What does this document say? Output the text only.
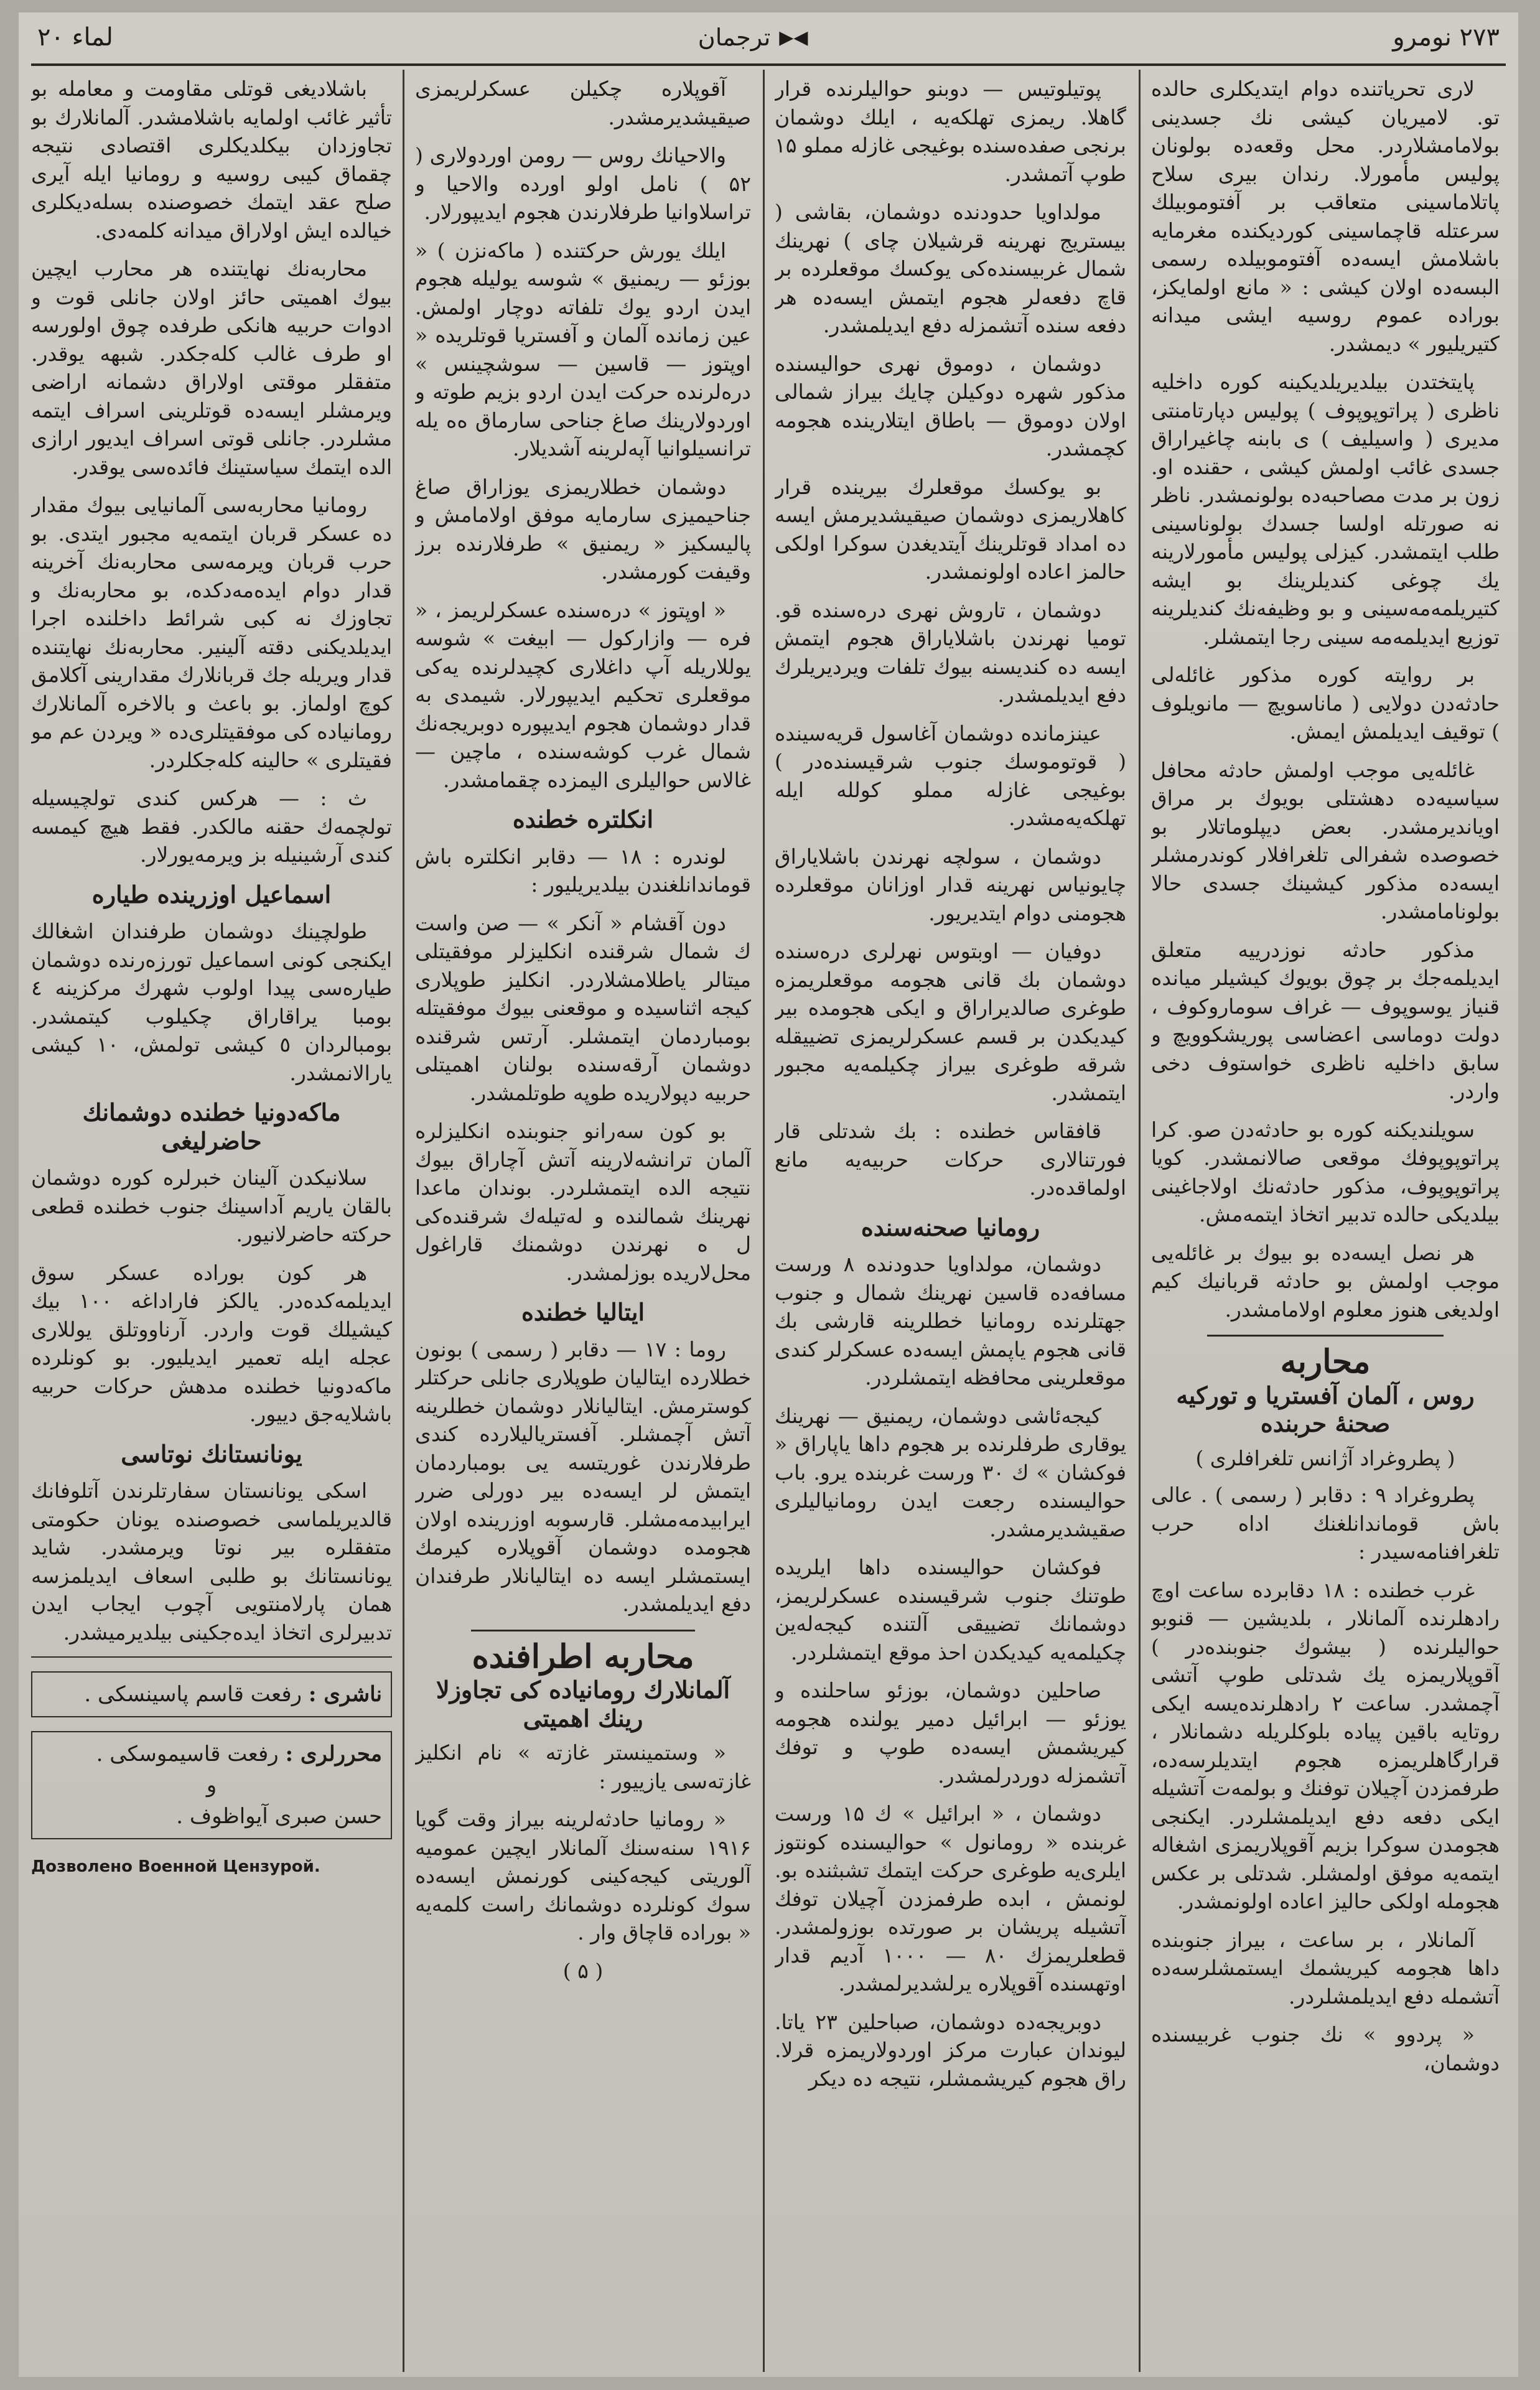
لماء ٢٠	◀▶
ترجمان	٢٧٣ نومرو

لاری تحریاتنده دوام ایتدیکلری حالده تو. لامیریان کیشی نك جسدینی بولامامشلاردر. محل وقعه‌ده بولونان پولیس مأمورلا. رندان بیری سلاح پاتلاماسینی متعاقب بر آفتوموبیلك سرعتله قاچماسینی کوردیکنده مغرمایه باشلامش ایسه‌ده آفتوموبیلده رسمی البسه‌ده اولان کیشی : « مانع اولمایکز، بوراده عموم روسیه ایشی میدانه کتیریلیور » دیمشدر.

پایتختدن بیلدیریلدیکینه کوره داخلیه ناظری ( پراتوپوپوف ) پولیس دپارتامنتی مدیری ( واسیلیف ) ی بابنه چاغیراراق جسدی غائب اولمش کیشی ، حقنده او. زون بر مدت مصاحبه‌ده بولونمشدر. ناظر نه صورتله اولسا جسدك بولوناسینی طلب ایتمشدر. کیزلی پولیس مأمورلارینه یك چوغی کندیلرینك بو ایشه کتیریلمه‌مه‌سینی و بو وظیفه‌نك کندیلرینه توزیع ایدیلمه‌مه سینی رجا ایتمشلر.

بر روایته کوره مذکور غائله‌لی حادثه‌دن دولایی ( ماناسویچ — مانویلوف ) توقیف ایدیلمش ایمش.

غائله‌یی موجب اولمش حادثه محافل سیاسیه‌ده دهشتلی بویوك بر مراق اویاندیرمشدر. بعض دیپلوماتلار بو خصوصده شفرالی تلغرافلار کوندرمشلر ایسه‌ده مذکور کیشینك جسدی حالا بولونامامشدر.

مذکور حادثه نوزدرییه متعلق ایدیلمه‌جك بر چوق بویوك کیشیلر میانده قنیاز یوسوپوف — غراف سوماروکوف ، دولت دوماسی اعضاسی پوریشکوویچ و سابق داخلیه ناظری خواستوف دخی واردر.

سویلندیکنه کوره بو حادثه‌دن صو. کرا پراتوپوپوفك موقعی صالانمشدر. کویا پراتوپوپوف، مذکور حادثه‌نك اولاجاغینی بیلدیکی حالده تدبیر اتخاذ ایتمه‌مش.

هر نصل ایسه‌ده بو بیوك بر غائله‌یی موجب اولمش بو حادثه قربانیك کیم اولدیغی هنوز معلوم اولامامشدر.

محاربه
روس ، آلمان آفستریا و تورکیه صحنهٔ حربنده
( پطروغراد آژانس تلغرافلری )

پطروغراد ۹ : دقابر ( رسمی ) . عالی باش قوماندانلغنك اداه حرب تلغرافنامه‌سیدر :

غرب خطنده : ۱۸ دقابرده ساعت اوچ رادهلرنده آلمانلار ، بلدیشین — قنوبو حوالیلرنده ( بیشوك جنوبنده‌در ) آقوپلاریمزه یك شدتلی طوپ آتشی آچمشدر. ساعت ۲ رادهلرنده‌یسه ایکی روتایه باقین پیاده بلوکلریله دشمانلار ، قرارگاهلریمزه هجوم ایتدیلرسه‌ده، طرفمزدن آچیلان توفنك و بولمه‌ت آتشیله ایکی دفعه دفع ایدیلمشلردر. ایکنجی هجومدن سوکرا بزیم آقوپلاریمزی اشغاله ایتمه‌یه موفق اولمشلر. شدتلی بر عکس هجومله اولکی حالیز اعاده اولونمشدر.

آلمانلار ، بر ساعت ، بیراز جنوبنده داها هجومه کیریشمك ایستمشلرسه‌ده آتشمله دفع ایدیلمشلردر.

« پردوو » نك جنوب غربیسنده دوشمان،

پوتیلوتیس — دوبنو حوالیلرنده قرار گاهلا. ریمزی تهلکه‌یه ، ایلك دوشمان برنجی صفده‌سنده بوغیجی غازله مملو ۱۵ طوپ آتمشدر.

مولداویا حدودنده دوشمان، بقاشی ( بیستریج نهرینه قرشیلان چای ) نهرینك شمال غربیسنده‌کی یوکسك موقعلرده بر قاچ دفعه‌لر هجوم ایتمش ایسه‌ده هر دفعه سنده آتشمزله دفع ایدیلمشدر.

دوشمان ، دوموق نهری حوالیسنده مذکور شهره دوکیلن چایك بیراز شمالی اولان دوموق — باطاق ایتلارینده هجومه کچمشدر.

بو یوکسك موقعلرك بیرینده قرار کاهلاریمزی دوشمان صیقیشدیرمش ایسه ده امداد قوتلرینك آیتدیغدن سوکرا اولکی حالمز اعاده اولونمشدر.

دوشمان ، تاروش نهری دره‌سنده قو. تومیا نهرندن باشلایاراق هجوم ایتمش ایسه ده کندیسنه بیوك تلفات ویردیریلرك دفع ایدیلمشدر.

عینزمانده دوشمان آغاسول قریه‌سینده ( قوتوموسك جنوب شرقیسنده‌در ) بوغیجی غازله مملو کولله ایله تهلکه‌یه‌مشدر.

دوشمان ، سولچه نهرندن باشلایاراق چایونیاس نهرینه قدار اوزانان موقعلرده هجومنی دوام ایتدیریور.

دوفیان — اوبتوس نهرلری دره‌سنده دوشمان بك قانی هجومه موقعلریمزه طوغری صالدیراراق و ایکی هجومده بیر کیدیکدن بر قسم عسکرلریمزی تضییقله شرقه طوغری بیراز چکیلمه‌یه مجبور ایتمشدر.

قافقاس خطنده : بك شدتلی قار فورتنالاری حرکات حربیه‌یه مانع اولماقده‌در.

رومانیا صحنه‌سنده

دوشمان، مولداویا حدودنده ۸ ورست مسافه‌ده قاسین نهرینك شمال و جنوب جهتلرنده رومانیا خطلرینه قارشی بك قانی هجوم یاپمش ایسه‌ده عسکرلر کندی موقعلرینی محافظه ایتمشلردر.

کیجه‌ئاشی دوشمان، ریمنیق — نهرینك یوقاری طرفلرنده بر هجوم داها یاپاراق « فوکشان » ك ۳۰ ورست غربنده یرو. باب حوالیسنده رجعت ایدن رومانیالیلری صقیشدیرمشدر.

فوکشان حوالیسنده داها ایلریده طوتنك جنوب شرقیسنده عسکرلریمز، دوشمانك تضییقی آلتنده کیجه‌له‌ین چکیلمه‌یه کیدیکدن احذ موقع ایتمشلردر.

صاحلین دوشمان، بوزئو ساحلنده و یوزئو — ابرائیل دمیر یولنده هجومه کیریشمش ایسه‌ده طوپ و توفك آتشمزله دوردرلمشدر.

دوشمان ، « ابرائیل » ك ۱۵ ورست غربنده « رومانول » حوالیسنده کونتوز ایلری‌یه طوغری حرکت ایتمك تشبثنده بو. لونمش ، ابده طرفمزدن آچیلان توفك آتشیله پریشان بر صورتده بوزولمشدر. قطعلریمزك ۸۰ — ۱۰۰۰ آدیم قدار اوتهسنده آقوپلاره یرلشدیرلمشدر.

دوبریجه‌ده دوشمان، صباحلین ۲۳ یاتا. لیوندان عبارت مرکز اوردولاریمزه قرلا. راق هجوم کیریشمشلر، نتیجه ده دیکر

آقوپلاره چکیلن عسکرلریمزی صیقیشدیرمشدر.

والاحیانك روس — رومن اوردولاری ( ۵۲ ) نامل اولو اورده والاحیا و تراسلاوانیا طرفلارندن هجوم ایدیپورلار.

ایلك یورش حرکتنده ( ماکه‌نزن ) « بوزئو — ریمنیق » شوسه یولیله هجوم ایدن اردو یوك تلفاته دوچار اولمش. عین زمانده آلمان و آفستریا قوتلریده « اوپتوز — قاسین — سوشچینس » دره‌لرنده حرکت ایدن اردو بزیم طوته و اوردولارینك صاغ جناحی سارماق ه‌ه یله ترانسیلوانیا آپه‌لرینه آشدیلار.

دوشمان خطلاریمزی یوزاراق صاغ جناحیمیزی سارمایه موفق اولامامش و پالیسکیز « ریمنیق » طرفلارنده برز وقیفت کورمشدر.

« اوپتوز » دره‌سنده عسکرلریمز ، « فره — وازارکول — ابیغت » شوسه یوللاریله آپ داغلاری کچیدلرنده یه‌کی موقعلری تحکیم ایدیپورلار. شیمدی به قدار دوشمان هجوم ایدیپوره دوبریجه‌نك شمال غرب کوشه‌سنده ، ماچین — غالاس حوالیلری الیمزده چقمامشدر.

انکلتره خطنده

لوندره : ۱۸ — دقابر انکلتره باش قوماندانلغندن بیلدیریلیور :

دون آقشام « آنکر » — صن واست ك شمال شرقنده انکلیزلر موفقیتلی میتالر یاطلامشلاردر. انکلیز طوپلاری کیجه اثناسیده و موقعنی بیوك موفقیتله بومباردمان ایتمشلر. آرتس شرقنده دوشمان آرقه‌سنده بولنان اهمیتلی حربیه دپولاریده طوپه طوتلمشدر.

بو کون سه‌رانو جنوبنده انکلیزلره آلمان ترانشه‌لارینه آتش آچاراق بیوك نتیجه الده ایتمشلردر. بوندان ماعدا نهرینك شمالنده و له‌تیله‌ك شرقنده‌کی ل ه نهرندن دوشمنك قاراغول محل‌لاریده بوزلمشدر.

ایتالیا خطنده

روما : ۱۷ — دقابر ( رسمی ) بونون خطلارده ایتالیان طوپلاری جانلی حرکتلر کوسترمش. ایتالیانلار دوشمان خطلرینه آتش آچمشلر. آفستریالیلارده کندی طرفلارندن غوریتسه یی بومباردمان ایتمش لر ایسه‌ده بیر دورلی ضرر ایرابیدمه‌مشلر. قارسوبه اوزرینده اولان هجومده دوشمان آقوپلاره کیرمك ایستمشلر ایسه ده ایتالیانلار طرفندان دفع ایدیلمشدر.

محاربه اطرافنده
آلمانلارك رومانیاده کی تجاوزلا رینك اهمیتی

« وستمینستر غازته » نام انکلیز غازته‌سی یازییور :

« رومانیا حادثه‌لرینه بیراز وقت گویا ۱۹۱۶ سنه‌سنك آلمانلار ایچین عمومیه آلوریتی کیجه‌کینی کورنمش ایسه‌ده سوك کونلرده دوشمانك راست کلمه‌یه « بوراده قاچاق وار .

( ۵ )

باشلادیغی قوتلی مقاومت و معامله بو تأثیر غائب اولمایه باشلامشدر. آلمانلارك بو تجاوزدان بیکلدیکلری اقتصادی نتیجه چقماق کیبی روسیه و رومانیا ایله آیری صلح عقد ایتمك خصوصنده بسله‌دیکلری خیالده ایش اولاراق میدانه کلمه‌دی.

محاربه‌نك نهایتنده هر محارب ایچین بیوك اهمیتی حائز اولان جانلی قوت و ادوات حربیه هانکی طرفده چوق اولورسه او طرف غالب کله‌جکدر. شبهه یوقدر. متفقلر موقتی اولاراق دشمانه اراضی ویرمشلر ایسه‌ده قوتلرینی اسراف ایتمه مشلردر. جانلی قوتی اسراف ایدیور ارازی الده ایتمك سیاستینك فائده‌سی یوقدر.

رومانیا محاربه‌سی آلمانیایی بیوك مقدار ده عسکر قربان ایتمه‌یه مجبور ایتدی. بو حرب قربان ویرمه‌سی محاربه‌نك آخرینه قدار دوام ایده‌مه‌دکده، بو محاربه‌نك و تجاوزك نه کبی شرائط داخلنده اجرا ایدیلدیکنی دقته آلینیر. محاربه‌نك نهایتنده قدار ویریله جك قربانلارك مقدارینی آکلامق کوچ اولماز. بو باعث و بالاخره آلمانلارك رومانیاده کی موفقیتلری‌ده « ویردن عم مو فقیتلری » حالینه کله‌جکلردر.

ث : — هرکس کندی تولچیسیله تولچمه‌ك حقنه مالکدر. فقط هیچ کیمسه کندی آرشینیله بز ویرمه‌یورلار.

اسماعیل اوزرینده طیاره

طولچینك دوشمان طرفندان اشغالك ایکنجی کونی اسماعیل تورزه‌رنده دوشمان طیاره‌سی پیدا اولوب شهرك مرکزینه ٤ بومبا یراقاراق چکیلوب کیتمشدر. بومبالردان ٥ کیشی تولمش، ۱۰ کیشی یارالانمشدر.

ماکه‌دونیا خطنده دوشمانك حاضرلیغی

سلانیکدن آلینان خبرلره کوره دوشمان بالقان یاریم آداسینك جنوب خطنده قطعی حرکته حاضرلانیور.

هر کون بوراده عسکر سوق ایدیلمه‌کده‌در. یالکز فاراداغه ۱۰۰ بیك کیشیلك قوت واردر. آرناووتلق یوللاری عجله ایله تعمیر ایدیلیور. بو کونلرده ماکه‌دونیا خطنده مدهش حرکات حربیه باشلایه‌جق دییور.

یونانستانك نوتاسی

اسکی یونانستان سفارتلرندن آتلوفانك قالدیریلماسی خصوصنده یونان حکومتی متفقلره بیر نوتا ویرمشدر. شاید یونانستانك بو طلبی اسعاف ایدیلمزسه همان پارلامنتویی آچوب ایجاب ایدن تدبیرلری اتخاذ ایده‌جکینی بیلدیرمیشدر.

ناشری : رفعت قاسم پاسینسکی .
محررلری : رفعت قاسیموسکی .
و
حسن صبری آیواظوف .
Дозволено Военной Цензурой.
